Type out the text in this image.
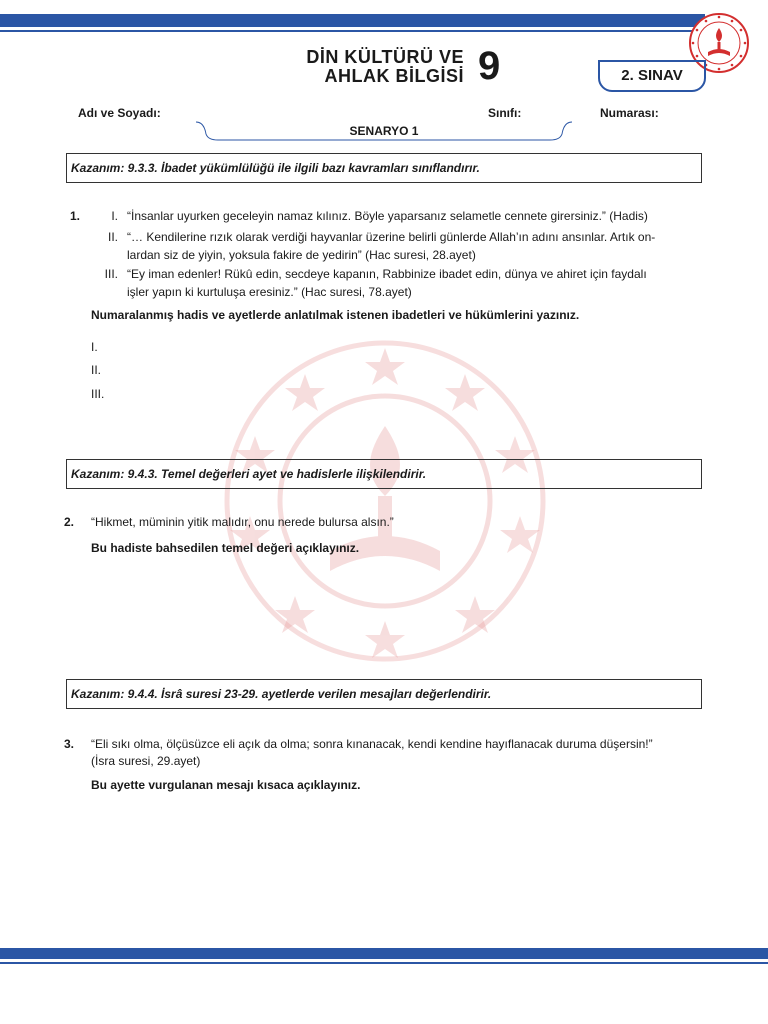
DİN KÜLTÜRÜ VE
AHLAK BİLGİSİ 9	2. SINAV
Adı ve Soyadı:	Sınıfı:	Numarası:
SENARYO 1
Kazanım: 9.3.3. İbadet yükümlülüğü ile ilgili bazı kavramları sınıflandırır.
1.	I. “İnsanlar uyurken geceleyin namaz kılınız. Böyle yaparsanız selametle cennete girersiniz.” (Hadis)
II. “… Kendilerine rızık olarak verdiği hayvanlar üzerine belirli günlerde Allah’ın adını ansınlar. Artık on-
lardan siz de yiyin, yoksula fakire de yedirin” (Hac suresi, 28.ayet)
III. “Ey iman edenler! Rükû edin, secdeye kapanın, Rabbinize ibadet edin, dünya ve ahiret için faydalı
işler yapın ki kurtuluşa eresiniz.” (Hac suresi, 78.ayet)
Numaralanmış hadis ve ayetlerde anlatılmak istenen ibadetleri ve hükümlerini yazınız.
I.
II.
III.
Kazanım: 9.4.3. Temel değerleri ayet ve hadislerle ilişkilendirir.
2. “Hikmet, müminin yitik malıdır, onu nerede bulursa alsın.”
Bu hadiste bahsedilen temel değeri açıklayınız.
Kazanım: 9.4.4. İsrâ suresi 23-29. ayetlerde verilen mesajları değerlendirir.
3. “Eli sıkı olma, ölçüsüzce eli açık da olma; sonra kınanacak, kendi kendine hayıflanacak duruma düşersin!”
(İsra suresi, 29.ayet)
Bu ayette vurgulanan mesajı kısaca açıklayınız.
